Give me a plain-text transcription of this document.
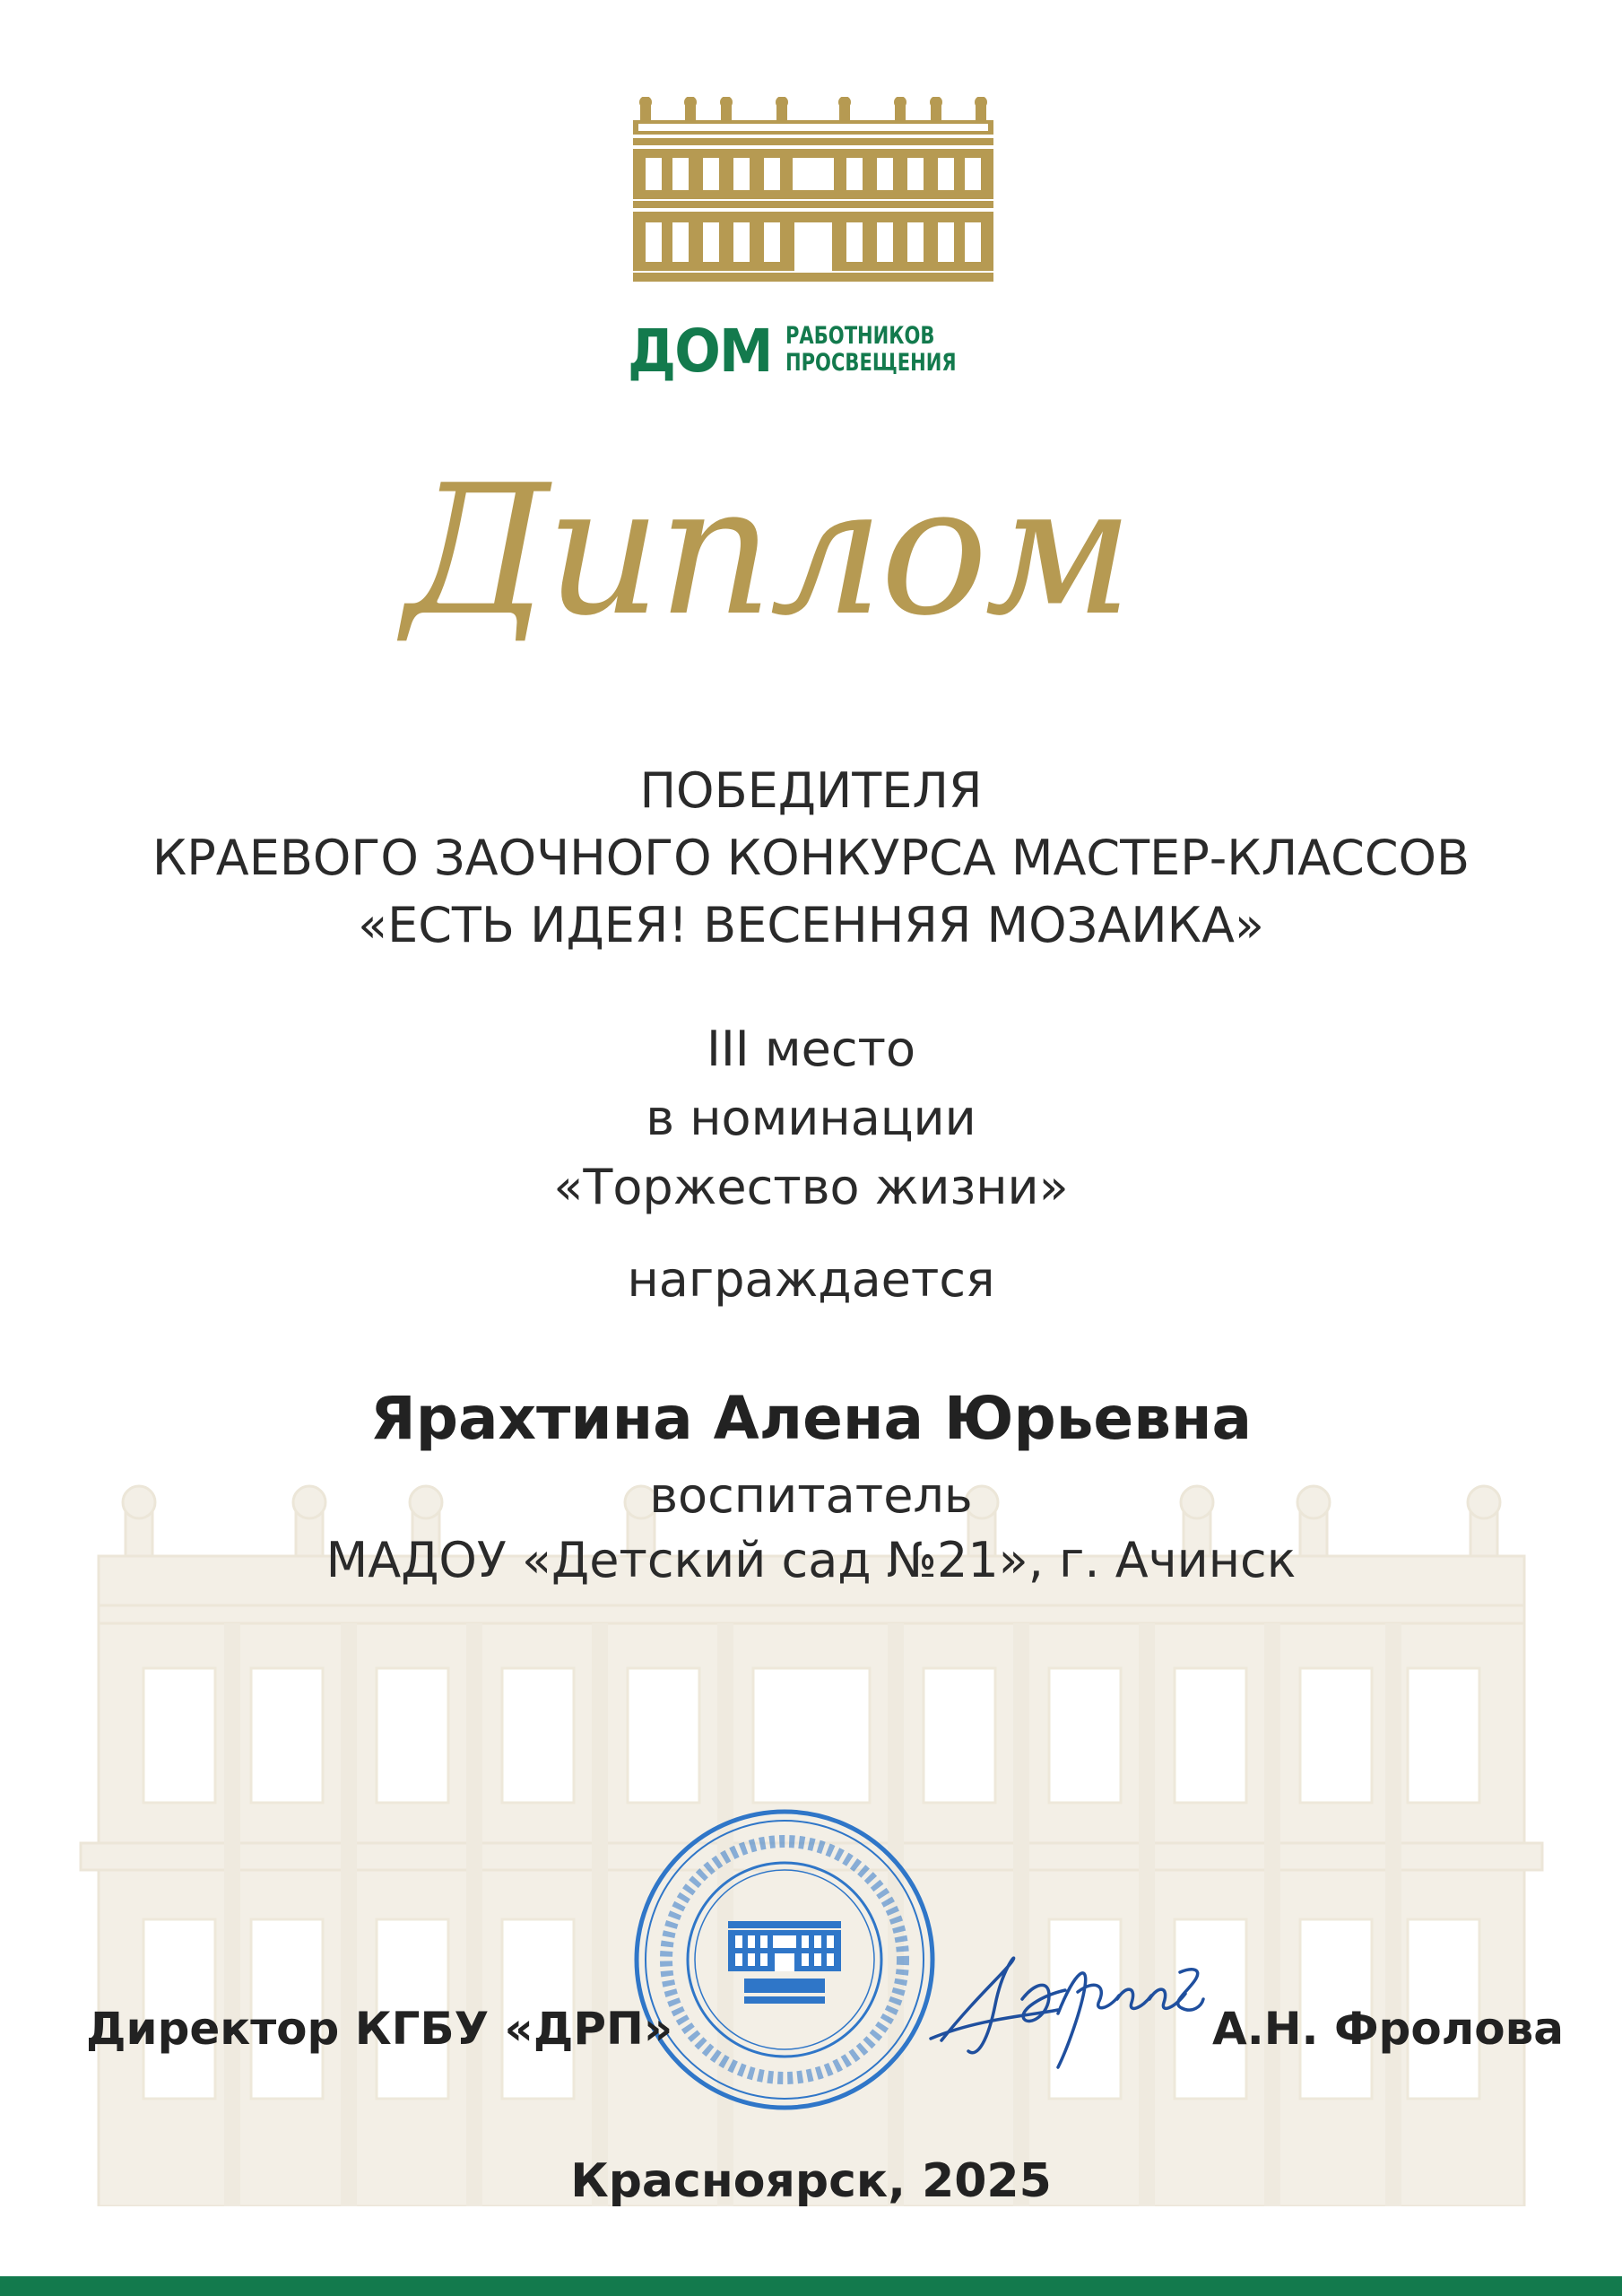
ДОМ РАБОТНИКОВ
ПРОСВЕЩЕНИЯ
Диплом
ПОБЕДИТЕЛЯ
КРАЕВОГО ЗАОЧНОГО КОНКУРСА МАСТЕР-КЛАССОВ
«ЕСТЬ ИДЕЯ! ВЕСЕННЯЯ МОЗАИКА»
III место
в номинации
«Торжество жизни»
награждается
Ярахтина Алена Юрьевна
воспитатель
МАДОУ «Детский сад №21», г. Ачинск
Директор КГБУ «ДРП»	А.Н. Фролова
Красноярск, 2025
